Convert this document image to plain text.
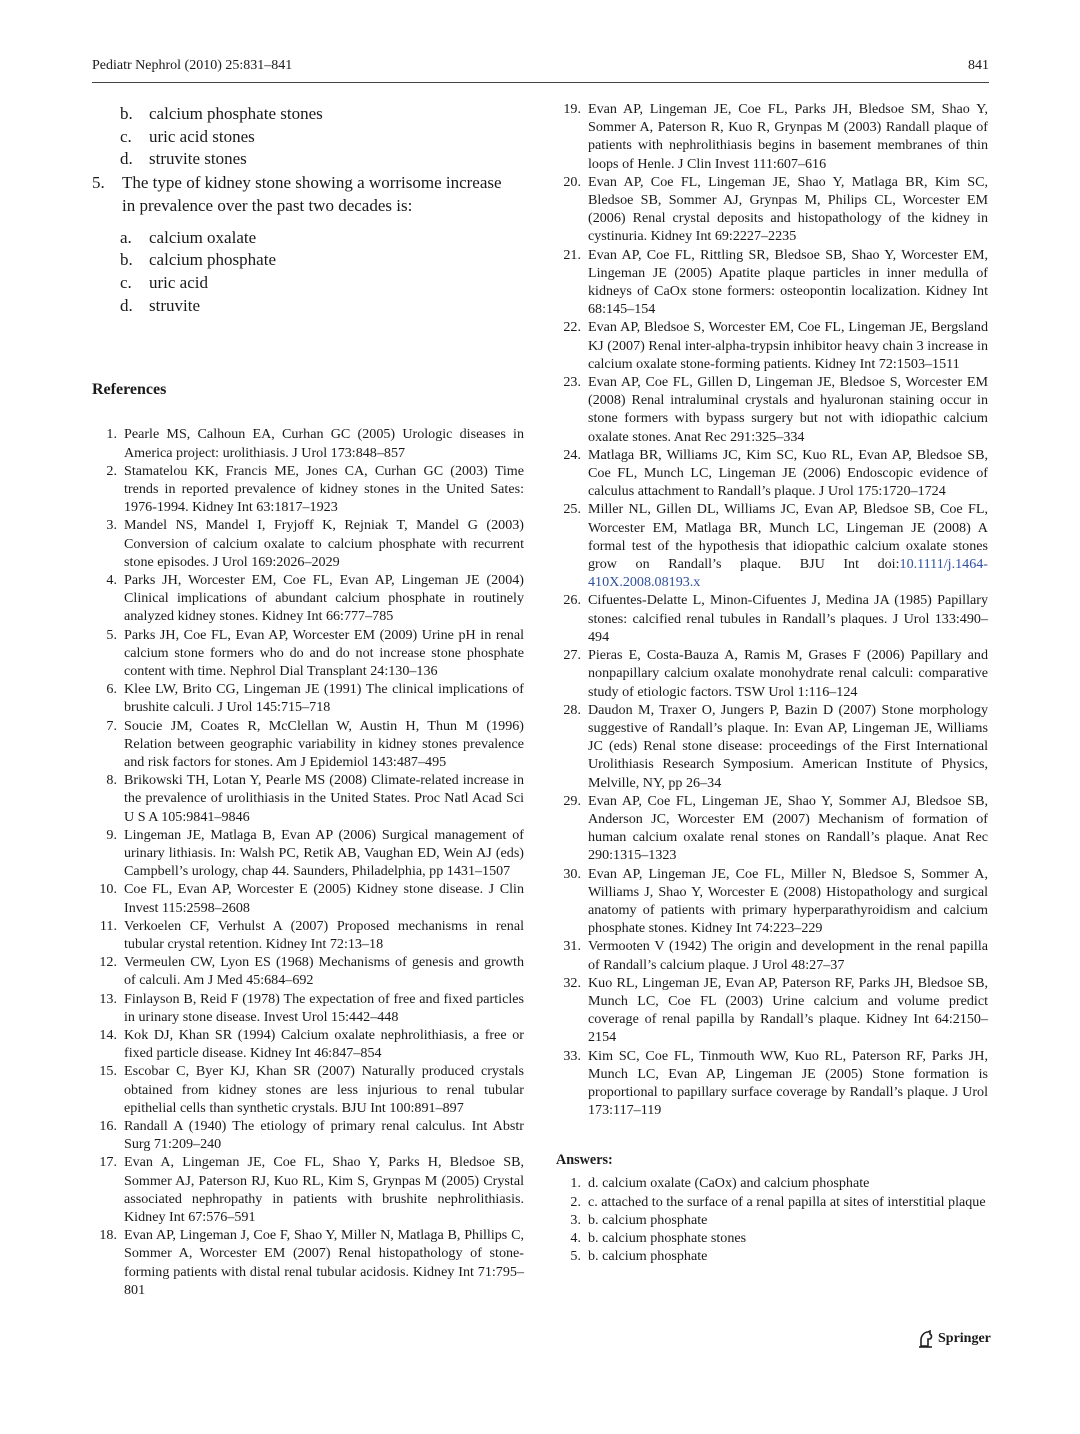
Pediatr Nephrol (2010) 25:831–841	841
b. calcium phosphate stones
c.	uric acid stones
d. struvite stones
5.	The type of kidney stone showing a worrisome increase
in prevalence over the past two decades is:
a.	calcium oxalate
b. calcium phosphate
c.	uric acid
d. struvite
References
1. Pearle MS, Calhoun EA, Curhan GC (2005) Urologic diseases in America project: urolithiasis. J Urol 173:848–857
2. Stamatelou KK, Francis ME, Jones CA, Curhan GC (2003) Time trends in reported prevalence of kidney stones in the United Sates: 1976-1994. Kidney Int 63:1817–1923
3. Mandel NS, Mandel I, Fryjoff K, Rejniak T, Mandel G (2003) Conversion of calcium oxalate to calcium phosphate with recurrent stone episodes. J Urol 169:2026–2029
4. Parks JH, Worcester EM, Coe FL, Evan AP, Lingeman JE (2004) Clinical implications of abundant calcium phosphate in routinely analyzed kidney stones. Kidney Int 66:777–785
5. Parks JH, Coe FL, Evan AP, Worcester EM (2009) Urine pH in renal calcium stone formers who do and do not increase stone phosphate content with time. Nephrol Dial Transplant 24:130–136
6. Klee LW, Brito CG, Lingeman JE (1991) The clinical implications of brushite calculi. J Urol 145:715–718
7. Soucie JM, Coates R, McClellan W, Austin H, Thun M (1996) Relation between geographic variability in kidney stones prevalence and risk factors for stones. Am J Epidemiol 143:487–495
8. Brikowski TH, Lotan Y, Pearle MS (2008) Climate-related increase in the prevalence of urolithiasis in the United States. Proc Natl Acad Sci U S A 105:9841–9846
9. Lingeman JE, Matlaga B, Evan AP (2006) Surgical management of urinary lithiasis. In: Walsh PC, Retik AB, Vaughan ED, Wein AJ (eds) Campbell’s urology, chap 44. Saunders, Philadelphia, pp 1431–1507
10. Coe FL, Evan AP, Worcester E (2005) Kidney stone disease. J Clin Invest 115:2598–2608
11. Verkoelen CF, Verhulst A (2007) Proposed mechanisms in renal tubular crystal retention. Kidney Int 72:13–18
12. Vermeulen CW, Lyon ES (1968) Mechanisms of genesis and growth of calculi. Am J Med 45:684–692
13. Finlayson B, Reid F (1978) The expectation of free and fixed particles in urinary stone disease. Invest Urol 15:442–448
14. Kok DJ, Khan SR (1994) Calcium oxalate nephrolithiasis, a free or fixed particle disease. Kidney Int 46:847–854
15. Escobar C, Byer KJ, Khan SR (2007) Naturally produced crystals obtained from kidney stones are less injurious to renal tubular epithelial cells than synthetic crystals. BJU Int 100:891–897
16. Randall A (1940) The etiology of primary renal calculus. Int Abstr Surg 71:209–240
17. Evan A, Lingeman JE, Coe FL, Shao Y, Parks H, Bledsoe SB, Sommer AJ, Paterson RJ, Kuo RL, Kim S, Grynpas M (2005) Crystal associated nephropathy in patients with brushite nephrolithiasis. Kidney Int 67:576–591
18. Evan AP, Lingeman J, Coe F, Shao Y, Miller N, Matlaga B, Phillips C, Sommer A, Worcester EM (2007) Renal histopathology of stone-forming patients with distal renal tubular acidosis. Kidney Int 71:795–801
19. Evan AP, Lingeman JE, Coe FL, Parks JH, Bledsoe SM, Shao Y, Sommer A, Paterson R, Kuo R, Grynpas M (2003) Randall plaque of patients with nephrolithiasis begins in basement membranes of thin loops of Henle. J Clin Invest 111:607–616
20. Evan AP, Coe FL, Lingeman JE, Shao Y, Matlaga BR, Kim SC, Bledsoe SB, Sommer AJ, Grynpas M, Philips CL, Worcester EM (2006) Renal crystal deposits and histopathology of the kidney in cystinuria. Kidney Int 69:2227–2235
21. Evan AP, Coe FL, Rittling SR, Bledsoe SB, Shao Y, Worcester EM, Lingeman JE (2005) Apatite plaque particles in inner medulla of kidneys of CaOx stone formers: osteopontin localization. Kidney Int 68:145–154
22. Evan AP, Bledsoe S, Worcester EM, Coe FL, Lingeman JE, Bergsland KJ (2007) Renal inter-alpha-trypsin inhibitor heavy chain 3 increase in calcium oxalate stone-forming patients. Kidney Int 72:1503–1511
23. Evan AP, Coe FL, Gillen D, Lingeman JE, Bledsoe S, Worcester EM (2008) Renal intraluminal crystals and hyaluronan staining occur in stone formers with bypass surgery but not with idiopathic calcium oxalate stones. Anat Rec 291:325–334
24. Matlaga BR, Williams JC, Kim SC, Kuo RL, Evan AP, Bledsoe SB, Coe FL, Munch LC, Lingeman JE (2006) Endoscopic evidence of calculus attachment to Randall’s plaque. J Urol 175:1720–1724
25. Miller NL, Gillen DL, Williams JC, Evan AP, Bledsoe SB, Coe FL, Worcester EM, Matlaga BR, Munch LC, Lingeman JE (2008) A formal test of the hypothesis that idiopathic calcium oxalate stones grow on Randall’s plaque. BJU Int doi:10.1111/j.1464-410X.2008.08193.x
26. Cifuentes-Delatte L, Minon-Cifuentes J, Medina JA (1985) Papillary stones: calcified renal tubules in Randall’s plaques. J Urol 133:490–494
27. Pieras E, Costa-Bauza A, Ramis M, Grases F (2006) Papillary and nonpapillary calcium oxalate monohydrate renal calculi: comparative study of etiologic factors. TSW Urol 1:116–124
28. Daudon M, Traxer O, Jungers P, Bazin D (2007) Stone morphology suggestive of Randall’s plaque. In: Evan AP, Lingeman JE, Williams JC (eds) Renal stone disease: proceedings of the First International Urolithiasis Research Symposium. American Institute of Physics, Melville, NY, pp 26–34
29. Evan AP, Coe FL, Lingeman JE, Shao Y, Sommer AJ, Bledsoe SB, Anderson JC, Worcester EM (2007) Mechanism of formation of human calcium oxalate renal stones on Randall’s plaque. Anat Rec 290:1315–1323
30. Evan AP, Lingeman JE, Coe FL, Miller N, Bledsoe S, Sommer A, Williams J, Shao Y, Worcester E (2008) Histopathology and surgical anatomy of patients with primary hyperparathyroidism and calcium phosphate stones. Kidney Int 74:223–229
31. Vermooten V (1942) The origin and development in the renal papilla of Randall’s calcium plaque. J Urol 48:27–37
32. Kuo RL, Lingeman JE, Evan AP, Paterson RF, Parks JH, Bledsoe SB, Munch LC, Coe FL (2003) Urine calcium and volume predict coverage of renal papilla by Randall’s plaque. Kidney Int 64:2150–2154
33. Kim SC, Coe FL, Tinmouth WW, Kuo RL, Paterson RF, Parks JH, Munch LC, Evan AP, Lingeman JE (2005) Stone formation is proportional to papillary surface coverage by Randall’s plaque. J Urol 173:117–119
Answers:
1. d. calcium oxalate (CaOx) and calcium phosphate
2. c. attached to the surface of a renal papilla at sites of interstitial plaque
3. b. calcium phosphate
4. b. calcium phosphate stones
5. b. calcium phosphate
Springer
